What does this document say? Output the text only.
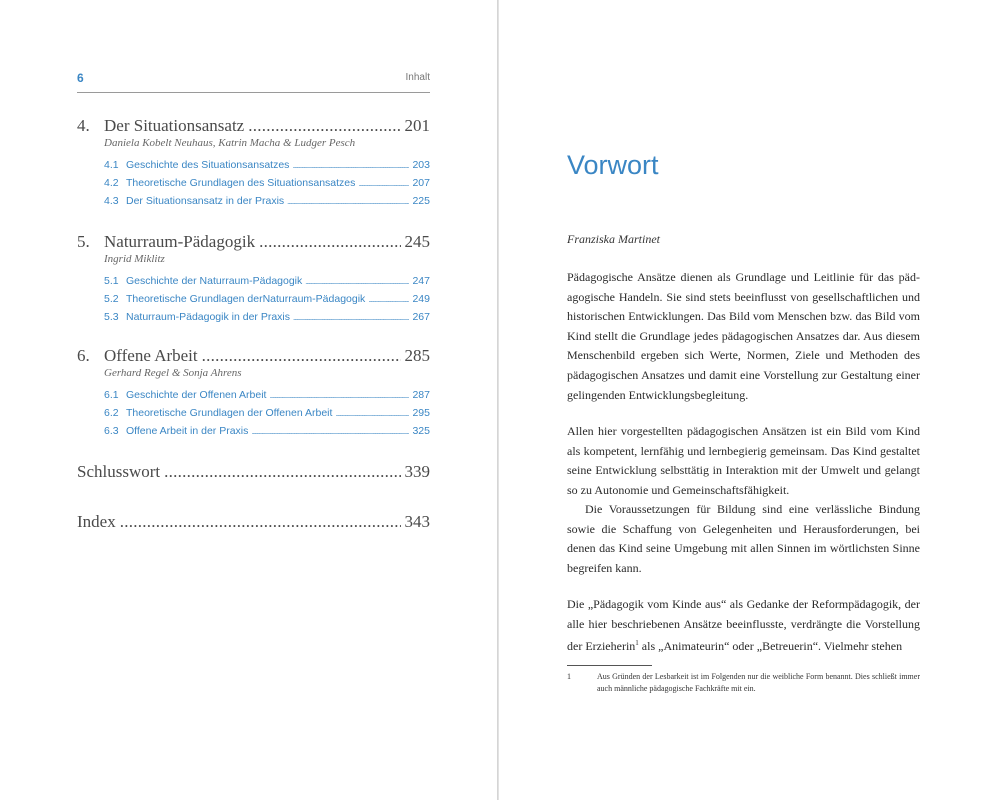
6	Inhalt
4. Der Situationsansatz . . .	201
Daniela Kobelt Neuhaus, Katrin Macha & Ludger Pesch
4.1 Geschichte des Situationsansatzes .....	203
4.2 Theoretische Grundlagen des Situationsansatzes .....	207
4.3 Der Situationsansatz in der Praxis .....	225
5. Naturraum-Pädagogik . . .	245
Ingrid Miklitz
5.1 Geschichte der Naturraum-Pädagogik .....	247
5.2 Theoretische Grundlagen derNaturraum-Pädagogik .....	249
5.3 Naturraum-Pädagogik in der Praxis .....	267
6. Offene Arbeit . . .	285
Gerhard Regel & Sonja Ahrens
6.1 Geschichte der Offenen Arbeit .....	287
6.2 Theoretische Grundlagen der Offenen Arbeit .....	295
6.3 Offene Arbeit in der Praxis .....	325
Schlusswort . . .	339
Index . . .	343
Vorwort
Franziska Martinet

Pädagogische Ansätze dienen als Grundlage und Leitlinie für das pädagogische Handeln. Sie sind stets beeinflusst von gesellschaftlichen und historischen Entwicklungen. Das Bild vom Menschen bzw. das Bild vom Kind stellt die Grundlage jedes pädagogischen Ansatzes dar. Aus diesem Menschenbild ergeben sich Werte, Normen, Ziele und Methoden des pädagogischen Ansatzes und damit eine Vorstellung zur Gestaltung einer gelingenden Entwicklungsbegleitung.

Allen hier vorgestellten pädagogischen Ansätzen ist ein Bild vom Kind als kompetent, lernfähig und lernbegierig gemeinsam. Das Kind gestaltet seine Entwicklung selbsttätig in Interaktion mit der Umwelt und gelangt so zu Autonomie und Gemeinschaftsfähigkeit.

Die Voraussetzungen für Bildung sind eine verlässliche Bindung sowie die Schaffung von Gelegenheiten und Herausforderungen, bei denen das Kind seine Umgebung mit allen Sinnen im wörtlichsten Sinne begreifen kann.

Die „Pädagogik vom Kinde aus“ als Gedanke der Reformpädagogik, der alle hier beschriebenen Ansätze beeinflusste, verdrängte die Vorstellung der Erzieherin$^1$ als „Animateurin“ oder „Betreuerin“. Vielmehr stehen

1	Aus Gründen der Lesbarkeit ist im Folgenden nur die weibliche Form benannt. Dies schließt immer auch männliche pädagogische Fachkräfte mit ein.
